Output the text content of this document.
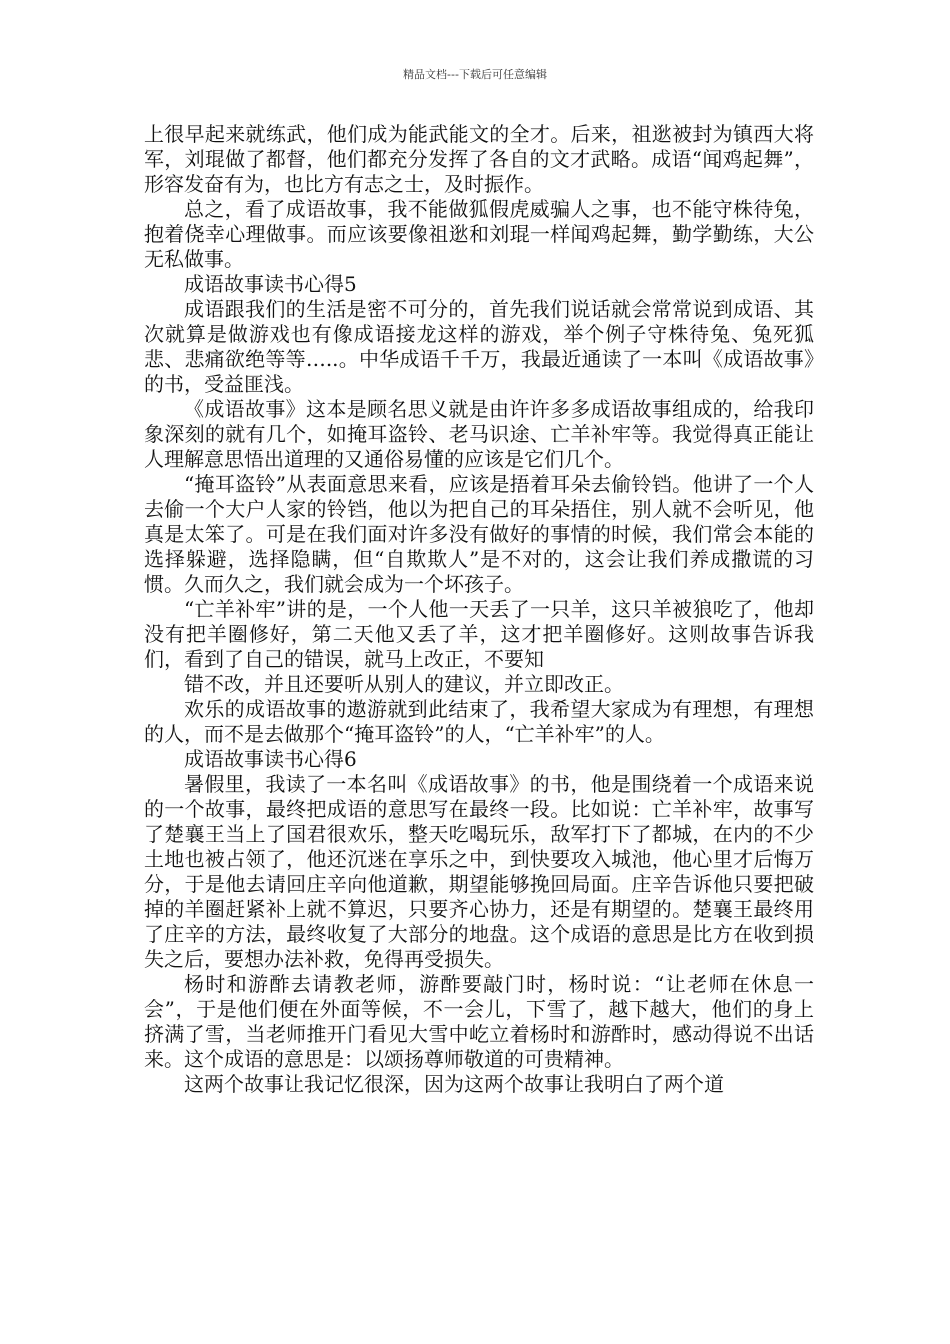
精品文档---下载后可任意编辑

上很早起来就练武，他们成为能武能文的全才。后来，祖逖被封为镇西大将军，刘琨做了都督，他们都充分发挥了各自的文才武略。成语“闻鸡起舞”，形容发奋有为，也比方有志之士，及时振作。

总之，看了成语故事，我不能做狐假虎威骗人之事，也不能守株待兔，抱着侥幸心理做事。而应该要像祖逖和刘琨一样闻鸡起舞，勤学勤练，大公无私做事。

成语故事读书心得5

成语跟我们的生活是密不可分的，首先我们说话就会常常说到成语、其次就算是做游戏也有像成语接龙这样的游戏，举个例子守株待兔、兔死狐悲、悲痛欲绝等等…..。中华成语千千万，我最近通读了一本叫《成语故事》的书，受益匪浅。

《成语故事》这本是顾名思义就是由许许多多成语故事组成的，给我印象深刻的就有几个，如掩耳盗铃、老马识途、亡羊补牢等。我觉得真正能让人理解意思悟出道理的又通俗易懂的应该是它们几个。

“掩耳盗铃”从表面意思来看，应该是捂着耳朵去偷铃铛。他讲了一个人去偷一个大户人家的铃铛，他以为把自己的耳朵捂住，别人就不会听见，他真是太笨了。可是在我们面对许多没有做好的事情的时候，我们常会本能的选择躲避，选择隐瞒，但“自欺欺人”是不对的，这会让我们养成撒谎的习惯。久而久之，我们就会成为一个坏孩子。

“亡羊补牢”讲的是，一个人他一天丢了一只羊，这只羊被狼吃了，他却没有把羊圈修好，第二天他又丢了羊，这才把羊圈修好。这则故事告诉我们，看到了自己的错误，就马上改正，不要知

错不改，并且还要听从别人的建议，并立即改正。

欢乐的成语故事的遨游就到此结束了，我希望大家成为有理想，有理想的人，而不是去做那个“掩耳盗铃”的人，“亡羊补牢”的人。

成语故事读书心得6

暑假里，我读了一本名叫《成语故事》的书，他是围绕着一个成语来说的一个故事，最终把成语的意思写在最终一段。比如说：亡羊补牢，故事写了楚襄王当上了国君很欢乐，整天吃喝玩乐，敌军打下了都城，在内的不少土地也被占领了，他还沉迷在享乐之中，到快要攻入城池，他心里才后悔万分，于是他去请回庄辛向他道歉，期望能够挽回局面。庄辛告诉他只要把破掉的羊圈赶紧补上就不算迟，只要齐心协力，还是有期望的。楚襄王最终用了庄辛的方法，最终收复了大部分的地盘。这个成语的意思是比方在收到损失之后，要想办法补救，免得再受损失。

杨时和游酢去请教老师，游酢要敲门时，杨时说：“让老师在休息一会”，于是他们便在外面等候，不一会儿，下雪了，越下越大，他们的身上挤满了雪，当老师推开门看见大雪中屹立着杨时和游酢时，感动得说不出话来。这个成语的意思是：以颂扬尊师敬道的可贵精神。

这两个故事让我记忆很深，因为这两个故事让我明白了两个道
